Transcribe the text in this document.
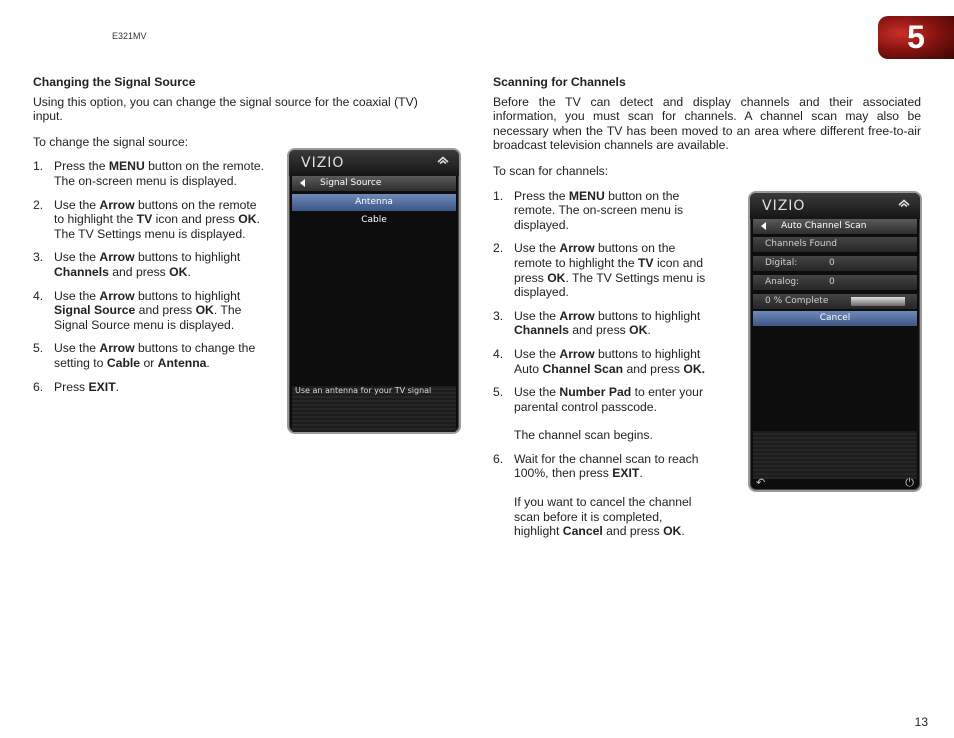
E321MV	5
Changing the Signal Source

Using this option, you can change the signal source for the coaxial (TV) input.

To change the signal source:

1. Press the MENU button on the remote. The on-screen menu is displayed.
2. Use the Arrow buttons on the remote to highlight the TV icon and press OK. The TV Settings menu is displayed.
3. Use the Arrow buttons to highlight Channels and press OK.
4. Use the Arrow buttons to highlight Signal Source and press OK. The Signal Source menu is displayed.
5. Use the Arrow buttons to change the setting to Cable or Antenna.
6. Press EXIT.
Scanning for Channels

Before the TV can detect and display channels and their associated information, you must scan for channels. A channel scan may also be necessary when the TV has been moved to an area where different free-to-air broadcast television channels are available.

To scan for channels:

1. Press the MENU button on the remote. The on-screen menu is displayed.
2. Use the Arrow buttons on the remote to highlight the TV icon and press OK. The TV Settings menu is displayed.
3. Use the Arrow buttons to highlight Channels and press OK.
4. Use the Arrow buttons to highlight Auto Channel Scan and press OK.
5. Use the Number Pad to enter your parental control passcode.
The channel scan begins.
6. Wait for the channel scan to reach 100%, then press EXIT.
If you want to cancel the channel scan before it is completed, highlight Cancel and press OK.
VIZIO
Signal Source
Antenna
Cable
Use an antenna for your TV signal
VIZIO
Auto Channel Scan
Channels Found
Digital:	0
Analog:	0
0 % Complete
Cancel
↶	⏻
13
